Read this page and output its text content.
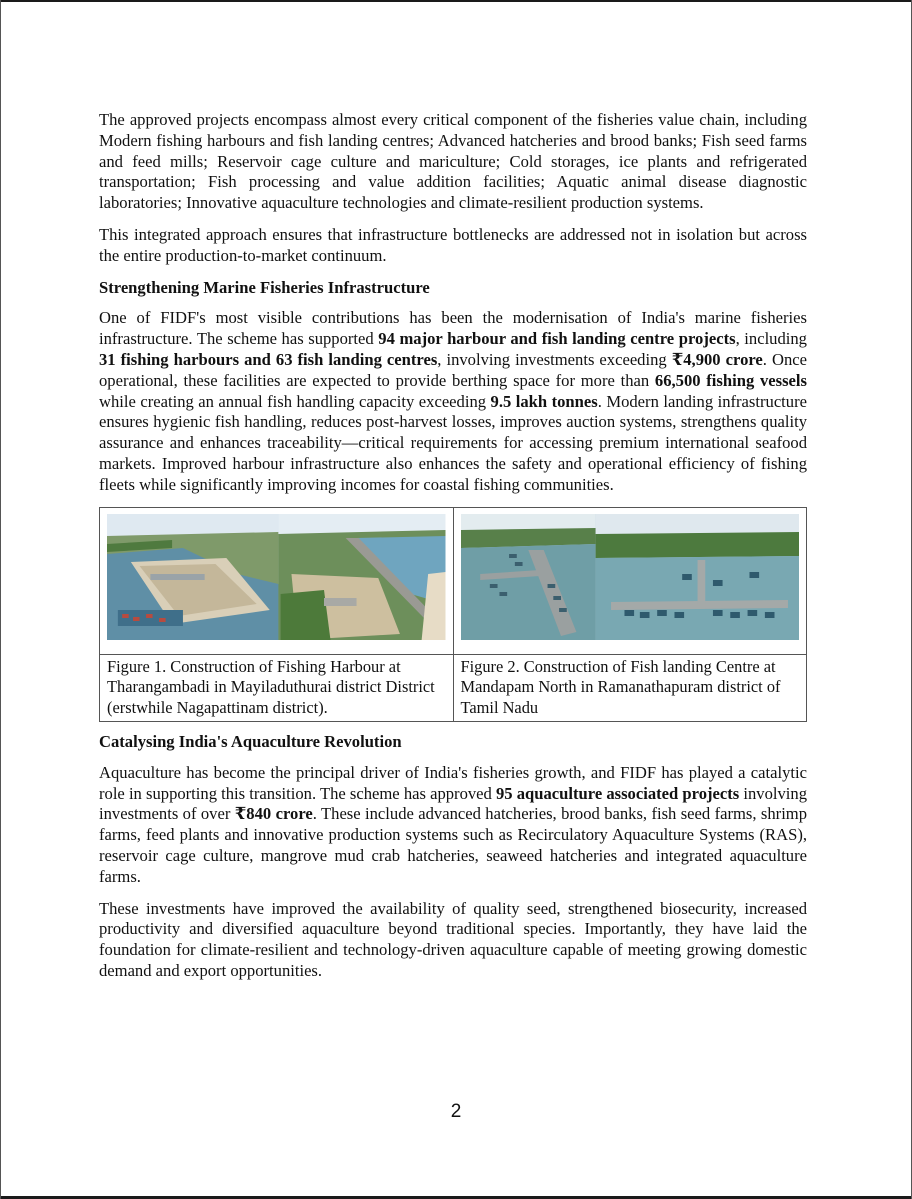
The approved projects encompass almost every critical component of the fisheries value chain, including Modern fishing harbours and fish landing centres; Advanced hatcheries and brood banks; Fish seed farms and feed mills; Reservoir cage culture and mariculture; Cold storages, ice plants and refrigerated transportation; Fish processing and value addition facilities; Aquatic animal disease diagnostic laboratories; Innovative aquaculture technologies and climate-resilient production systems.

This integrated approach ensures that infrastructure bottlenecks are addressed not in isolation but across the entire production-to-market continuum.

Strengthening Marine Fisheries Infrastructure

One of FIDF's most visible contributions has been the modernisation of India's marine fisheries infrastructure. The scheme has supported 94 major harbour and fish landing centre projects, including 31 fishing harbours and 63 fish landing centres, involving investments exceeding ₹4,900 crore. Once operational, these facilities are expected to provide berthing space for more than 66,500 fishing vessels while creating an annual fish handling capacity exceeding 9.5 lakh tonnes. Modern landing infrastructure ensures hygienic fish handling, reduces post-harvest losses, improves auction systems, strengthens quality assurance and enhances traceability—critical requirements for accessing premium international seafood markets. Improved harbour infrastructure also enhances the safety and operational efficiency of fishing fleets while significantly improving incomes for coastal fishing communities.

Figure 1. Construction of Fishing Harbour at Tharangambadi in Mayiladuthurai district District (erstwhile Nagapattinam district).	Figure 2. Construction of Fish landing Centre at Mandapam North in Ramanathapuram district of Tamil Nadu
Catalysing India's Aquaculture Revolution

Aquaculture has become the principal driver of India's fisheries growth, and FIDF has played a catalytic role in supporting this transition. The scheme has approved 95 aquaculture associated projects involving investments of over ₹840 crore. These include advanced hatcheries, brood banks, fish seed farms, shrimp farms, feed plants and innovative production systems such as Recirculatory Aquaculture Systems (RAS), reservoir cage culture, mangrove mud crab hatcheries, seaweed hatcheries and integrated aquaculture farms.

These investments have improved the availability of quality seed, strengthened biosecurity, increased productivity and diversified aquaculture beyond traditional species. Importantly, they have laid the foundation for climate-resilient and technology-driven aquaculture capable of meeting growing domestic demand and export opportunities.

2
